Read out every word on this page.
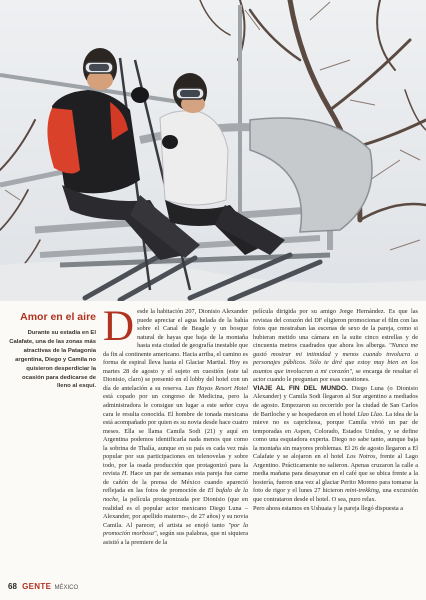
Amor en el aire
Durante su estadía en El Calafate, una de las zonas más atractivas de la Patagonia argentina, Diego y Camila no quisieron desperdiciar la ocasión para dedicarse de lleno al esquí.
D esde la habitación 207, Dionisio Alexander puede apreciar el agua helada de la bahía sobre el Canal de Beagle y un bosque natural de hayas que baja de la montaña hasta esta ciudad de geografía inestable que da fin al continente americano. Hacia arriba, el camino es forma de espiral lleva hasta el Glaciar Martial. Hoy es martes 28 de agosto y el sujeto en cuestión (este tal Dionisio, claro) se presentó en el lobby del hotel con un día de antelación a su reserva. Las Hayas Resort Hotel está copado por un congreso de Medicina, pero la administradora le consigue un lugar a este señor cuya cara le resulta conocida. El hombre de tonada mexicana está acompañado por quien es su novia desde hace cuatro meses. Ella se llama Camila Sodi (21) y aquí en Argentina podemos identificarla nada menos que como la sobrina de Thalía, aunque en su país es cada vez más popular por sus participaciones en telenovelas y sobre todo, por la osada producción que protagonizó para la revista H. Hace un par de semanas esta pareja fue carne de cañón de la prensa de México cuando apareció reflejada en las fotos de promoción de El bufalo de la noche, la película protagonizada por Dionisio (que en realidad es el popular actor mexicano Diego Luna –Alexander, por apellido materno–, de 27 años) y su novia Camila. Al parecer, el artista se enojó tanto "por la promoción morbosa", según sus palabras, que ni siquiera asistió a la premiere de la

película dirigida por su amigo Jorge Hernández. Es que las revistas del corazón del DF eligieron promocionar el film con las fotos que mostraban las escenas de sexo de la pareja, como si hubieran metido una cámara en la suite cinco estrellas y de cincuenta metros cuadrados que ahora los alberga. "Nunca me gustó mostrar mi intimidad y menos cuando involucra a personajes públicos. Sólo te diré que estoy muy bien en los asuntos que involucran a mi corazón", se encarga de resaltar el actor cuando le preguntan por esas cuestiones.

VIAJE AL FIN DEL MUNDO. Diego Luna (o Dionisio Alexander) y Camila Sodi llegaron al Sur argentino a mediados de agosto. Empezaron su recorrido por la ciudad de San Carlos de Bariloche y se hospedaron en el hotel Llao Llao. La idea de la mieve no es caprichosa, porque Camila vivió un par de temporadas en Aspen, Colorado, Estados Unidos, y se define como una esquiadora experta. Diego no sabe tanto, aunque baja la montaña sin mayores problemas. El 26 de agosto llegaron a El Calafate y se alojaron en el hotel Los Notros, frente al Lago Argentino. Prácticamente no salieron. Apenas cruzaron la calle a media mañana para desayunar en el café que se ubica frente a la hostería, fueron una vez al glaciar Perito Moreno para tomarse la foto de rigor y el lunes 27 hicieron mini-trekking, una excursión que contrataron desde el hotel. O sea, puro relax.

Pero ahora estamos en Ushuaia y la pareja llegó dispuesta a

68 GENTE MÉXICO
